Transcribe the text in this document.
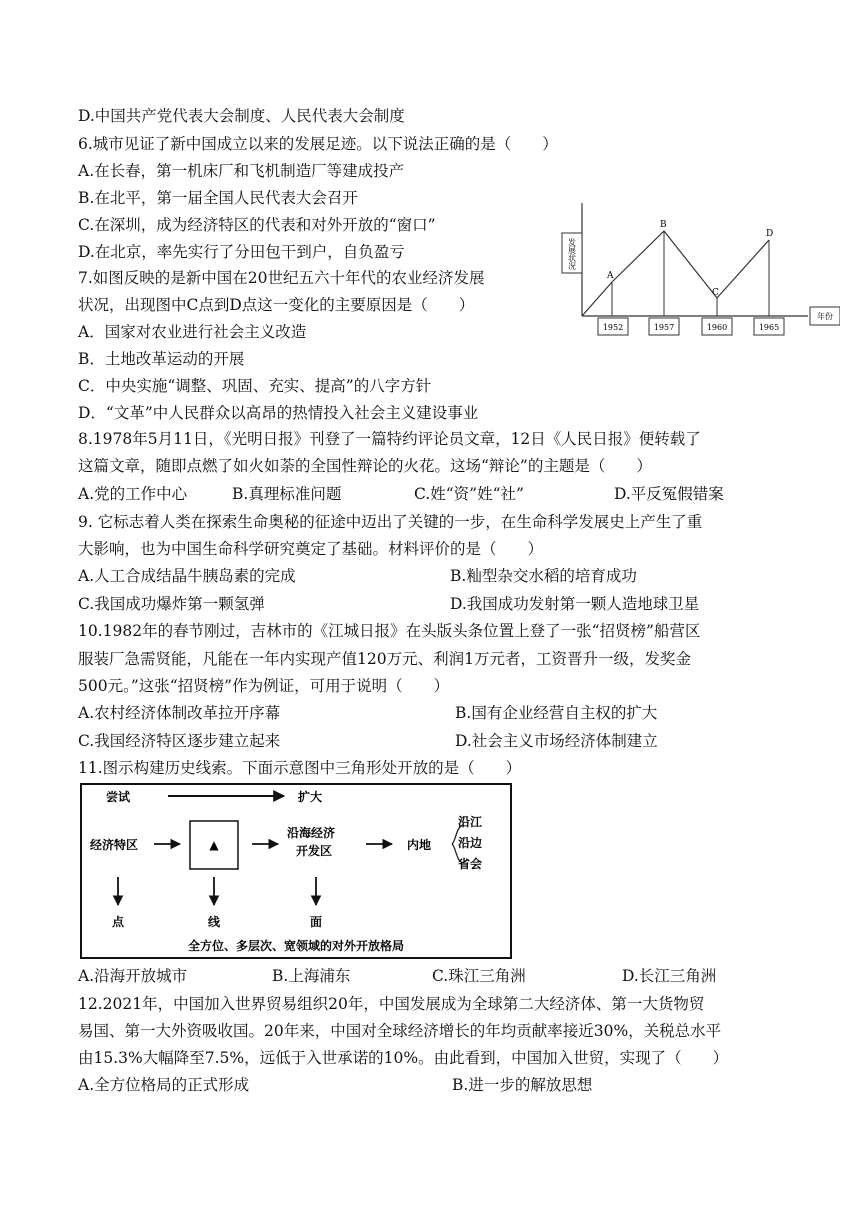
D.中国共产党代表大会制度、人民代表大会制度
6.城市见证了新中国成立以来的发展足迹。以下说法正确的是（　　）
A.在长春，第一机床厂和飞机制造厂等建成投产
B.在北平，第一届全国人民代表大会召开
C.在深圳，成为经济特区的代表和对外开放的“窗口”
D.在北京，率先实行了分田包干到户，自负盈亏
7.如图反映的是新中国在20世纪五六十年代的农业经济发展
状况，出现图中C点到D点这一变化的主要原因是（　　）
A．国家对农业进行社会主义改造
B．土地改革运动的开展
C．中央实施“调整、巩固、充实、提高”的八字方针
D．“文革”中人民群众以高昂的热情投入社会主义建设事业
发展状况
年份
A
B
C
D
1952	1957	1960	1965
8.1978年5月11日，《光明日报》刊登了一篇特约评论员文章，12日《人民日报》便转载了
这篇文章，随即点燃了如火如荼的全国性辩论的火花。这场“辩论”的主题是（　　）
A.党的工作中心	B.真理标准问题	C.姓“资”姓“社”	D.平反冤假错案
9. 它标志着人类在探索生命奥秘的征途中迈出了关键的一步，在生命科学发展史上产生了重
大影响，也为中国生命科学研究奠定了基础。材料评价的是（　　）
A.人工合成结晶牛胰岛素的完成	B.籼型杂交水稻的培育成功
C.我国成功爆炸第一颗氢弹	D.我国成功发射第一颗人造地球卫星
10.1982年的春节刚过，吉林市的《江城日报》在头版头条位置上登了一张“招贤榜”船营区
服装厂急需贤能，凡能在一年内实现产值120万元、利润1万元者，工资晋升一级，发奖金
500元。”这张“招贤榜”作为例证，可用于说明（　　）
A.农村经济体制改革拉开序幕	B.国有企业经营自主权的扩大
C.我国经济特区逐步建立起来	D.社会主义市场经济体制建立
11.图示构建历史线索。下面示意图中三角形处开放的是（　　）
尝试	扩大
经济特区	▲
沿海经济
开发区	内地
沿江
沿边
省会
点	线	面
全方位、多层次、宽领域的对外开放格局
A.沿海开放城市	B.上海浦东	C.珠江三角洲	D.长江三角洲
12.2021年，中国加入世界贸易组织20年，中国发展成为全球第二大经济体、第一大货物贸
易国、第一大外资吸收国。20年来，中国对全球经济增长的年均贡献率接近30%，关税总水平
由15.3%大幅降至7.5%，远低于入世承诺的10%。由此看到，中国加入世贸，实现了（　　）
A.全方位格局的正式形成	B.进一步的解放思想
